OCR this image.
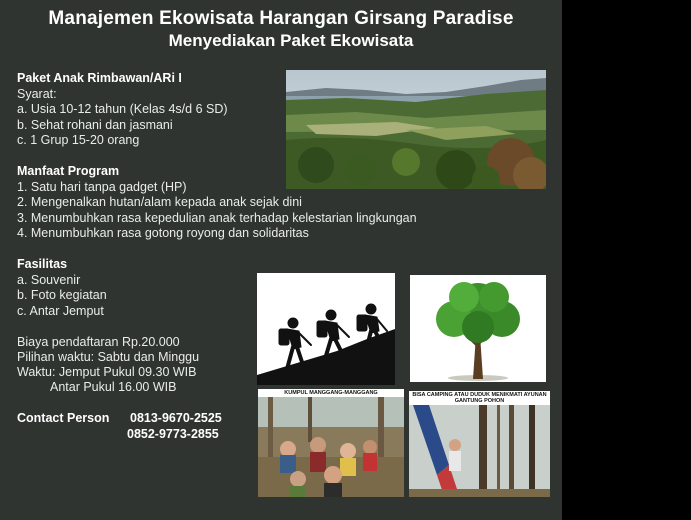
Manajemen Ekowisata Harangan Girsang Paradise
Menyediakan Paket Ekowisata
Paket Anak Rimbawan/ARi I
Syarat:
a. Usia 10-12 tahun (Kelas 4s/d 6 SD)
b. Sehat rohani dan jasmani
c. 1 Grup 15-20 orang
Manfaat Program
1. Satu hari tanpa gadget (HP)
2. Mengenalkan hutan/alam kepada anak sejak dini
3. Menumbuhkan rasa kepedulian anak terhadap kelestarian lingkungan
4. Menumbuhkan rasa gotong royong dan solidaritas
Fasilitas
a. Souvenir
b. Foto kegiatan
c. Antar Jemput
Biaya pendaftaran Rp.20.000
Pilihan waktu: Sabtu dan Minggu
Waktu: Jemput Pukul 09.30 WIB
Antar Pukul 16.00 WIB
Contact Person 0813-9670-2525
0852-9773-2855
KUMPUL MANGGANG-MANGGANG	BISA CAMPING ATAU DUDUK MENIKMATI AYUNAN GANTUNG POHON
